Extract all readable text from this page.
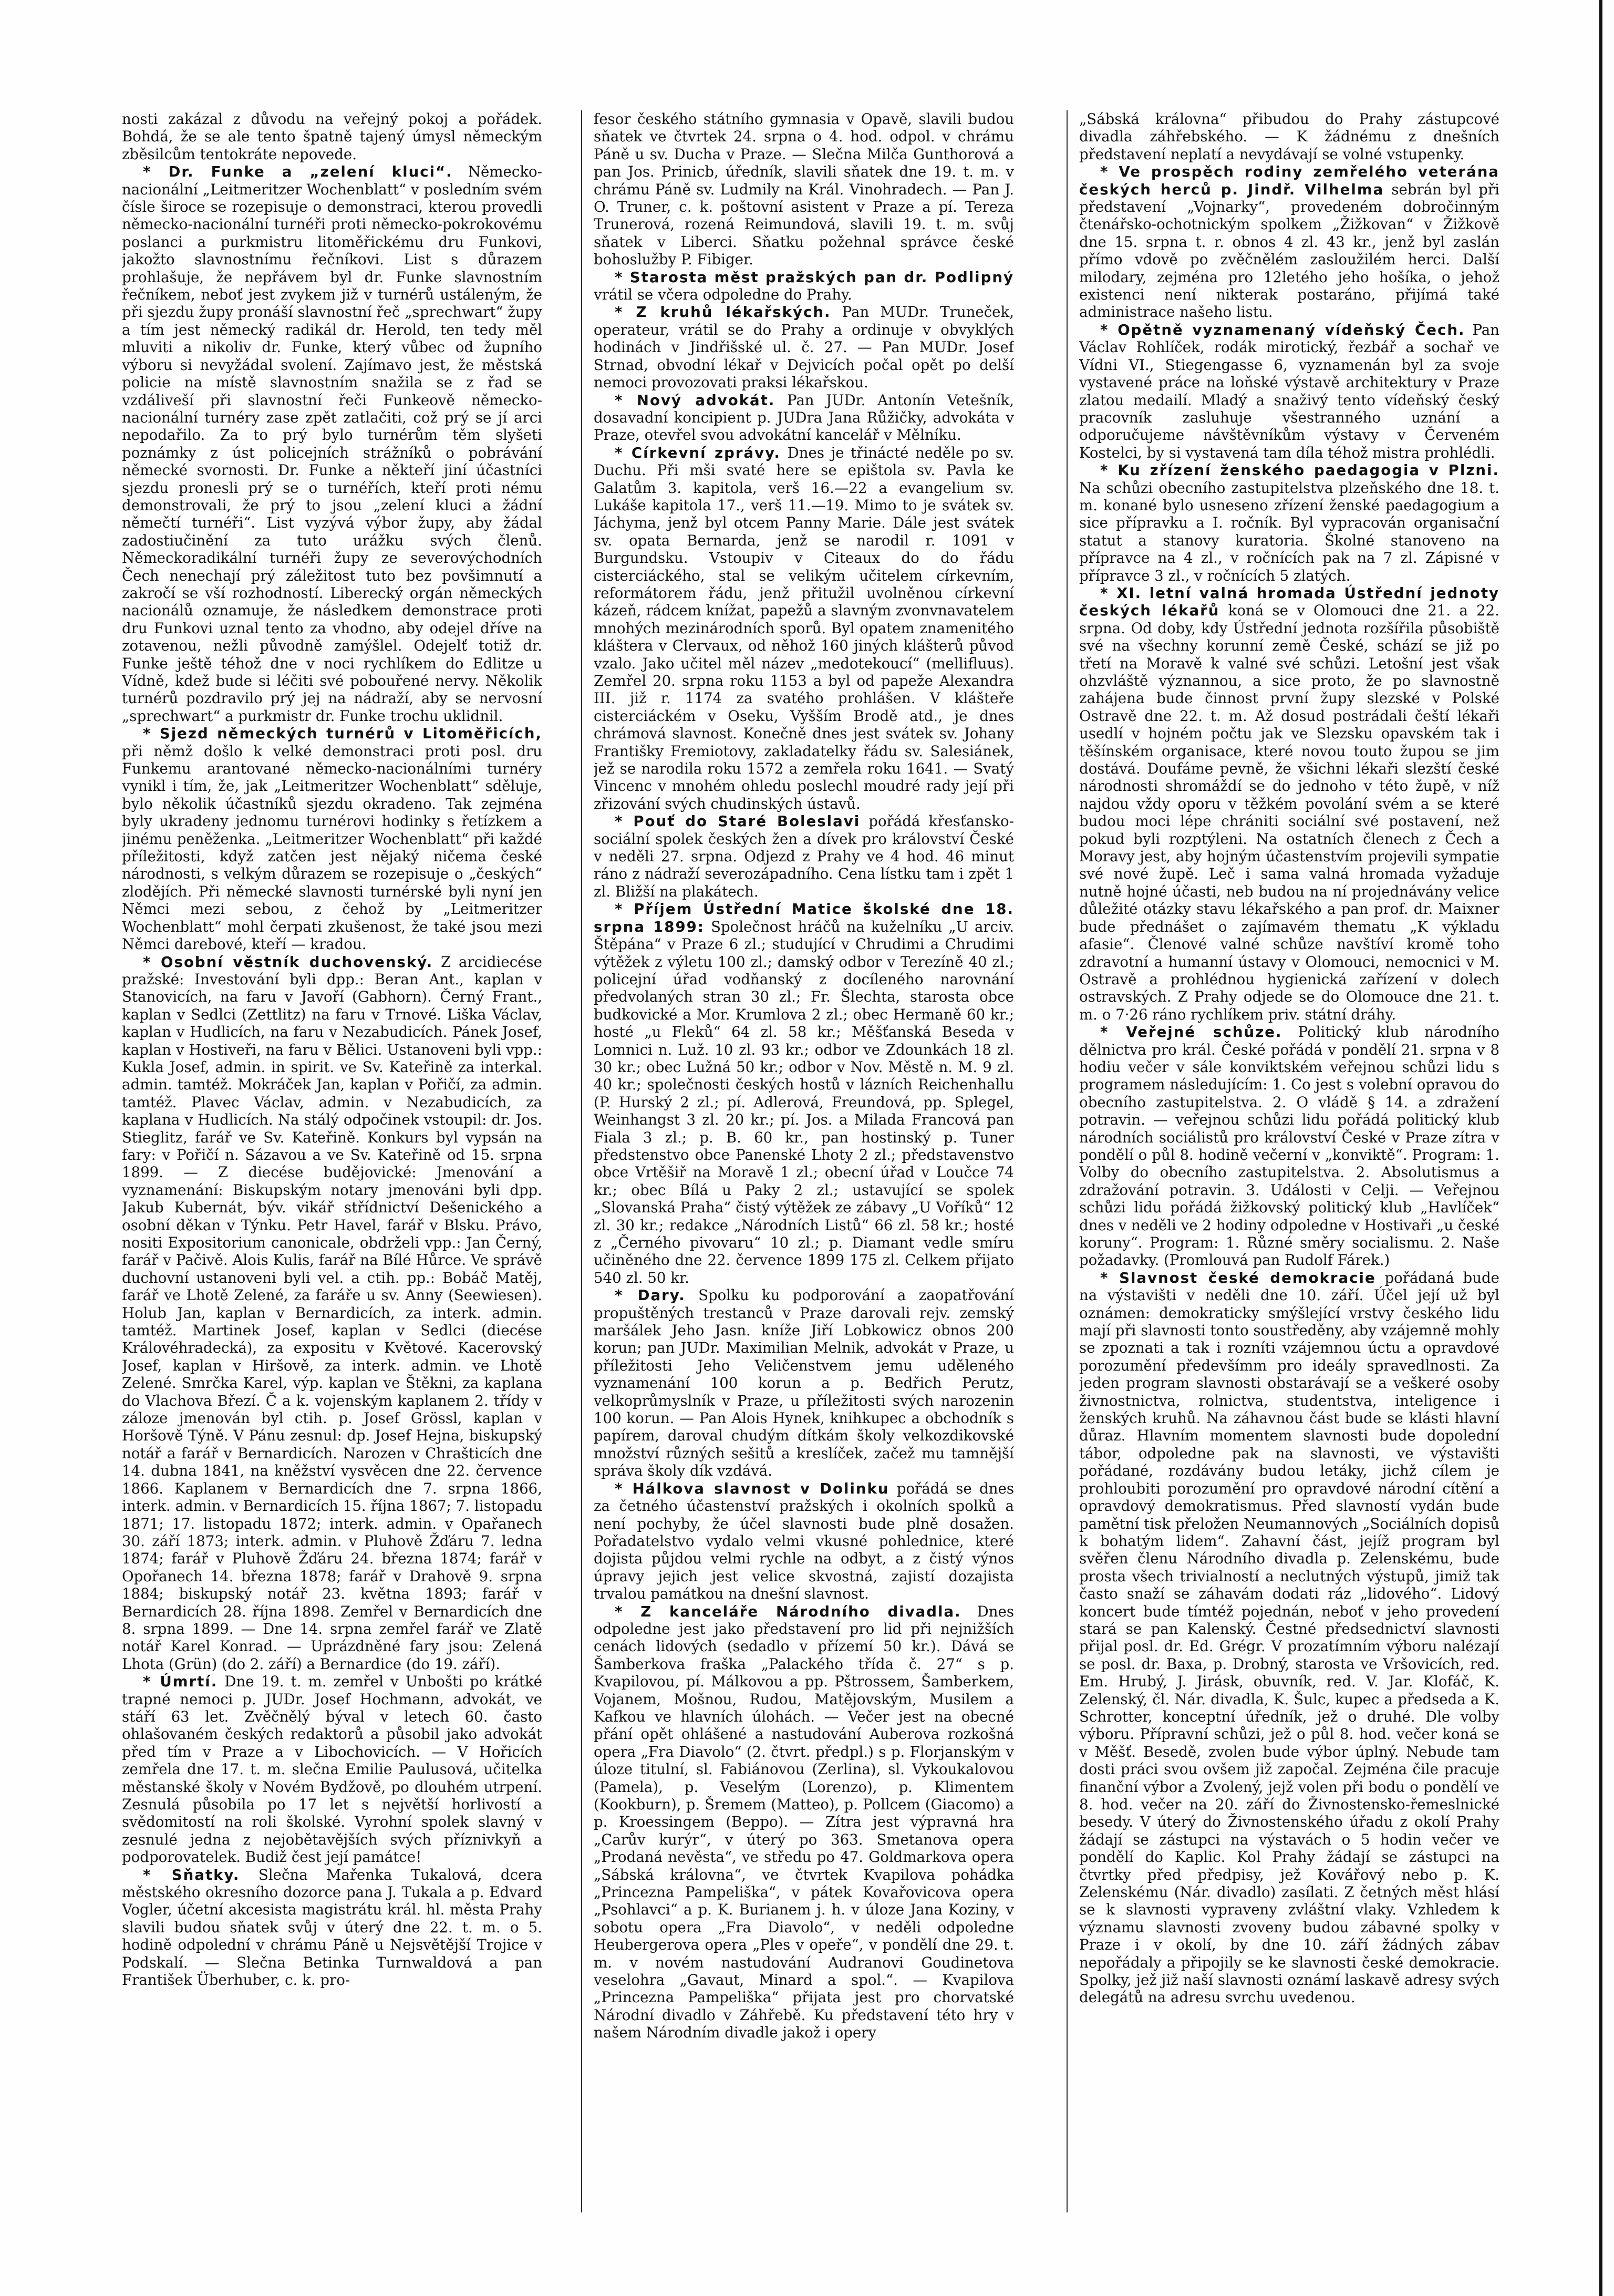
nosti zakázal z důvodu na veřejný pokoj a pořádek. Bohdá, že se ale tento špatně tajený úmysl německým zběsilcům tentokráte nepovede.

* Dr. Funke a „zelení kluci“. Německo-nacionální „Leitmeritzer Wochenblatt“ v posledním svém čísle široce se rozepisuje o demonstraci, kterou provedli německo-nacionální turnéři proti německo-pokrokovému poslanci a purkmistru litoměřickému dru Funkovi, jakožto slavnostnímu řečníkovi. List s důrazem prohlašuje, že nepřávem byl dr. Funke slavnostním řečníkem, neboť jest zvykem již v turnérů ustáleným, že při sjezdu župy pronáší slavnostní řeč „sprechwart“ župy a tím jest německý radikál dr. Herold, ten tedy měl mluviti a nikoliv dr. Funke, který vůbec od župního výboru si nevyžádal svolení. Zajímavo jest, že městská policie na místě slavnostním snažila se z řad se vzdáliveší při slavnostní řeči Funkeově německo-nacionální turnéry zase zpět zatlačiti, což prý se jí arci nepodařilo. Za to prý bylo turnérům těm slyšeti poznámky z úst policejních strážníků o pobrávání německé svornosti. Dr. Funke a někteří jiní účastníci sjezdu pronesli prý se o turnéřích, kteří proti nému demonstrovali, že prý to jsou „zelení kluci a žádní němečtí turnéři“. List vyzývá výbor župy, aby žádal zadostiučinění za tuto urážku svých členů. Německoradikální turnéři župy ze severovýchodních Čech nenechají prý záležitost tuto bez povšimnutí a zakročí se vší rozhodností. Liberecký orgán německých nacionálů oznamuje, že následkem demonstrace proti dru Funkovi uznal tento za vhodno, aby odejel dříve na zotavenou, nežli původně zamýšlel. Odejelť totiž dr. Funke ještě téhož dne v noci rychlíkem do Edlitze u Vídně, kdež bude si léčiti své pobouřené nervy. Několik turnérů pozdravilo prý jej na nádraží, aby se nervosní „sprechwart“ a purkmistr dr. Funke trochu uklidnil.

* Sjezd německých turnérů v Litoměřicích, při němž došlo k velké demonstraci proti posl. dru Funkemu arantované německo-nacionálními turnéry vynikl i tím, že, jak „Leitmeritzer Wochenblatt“ sděluje, bylo několik účastníků sjezdu okradeno. Tak zejména byly ukradeny jednomu turnérovi hodinky s řetízkem a jinému peněženka. „Leitmeritzer Wochenblatt“ při každé příležitosti, když zatčen jest nějaký ničema české národnosti, s velkým důrazem se rozepisuje o „českých“ zlodějích. Při německé slavnosti turnérské byli nyní jen Němci mezi sebou, z čehož by „Leitmeritzer Wochenblatt“ mohl čerpati zkušenost, že také jsou mezi Němci darebové, kteří — kradou.

* Osobní věstník duchovenský. Z arcidiecése pražské: Investování byli dpp.: Beran Ant., kaplan v Stanovicích, na faru v Javoří (Gabhorn). Černý Frant., kaplan v Sedlci (Zettlitz) na faru v Trnové. Liška Václav, kaplan v Hudlicích, na faru v Nezabudicích. Pánek Josef, kaplan v Hostiveři, na faru v Bělici. Ustanoveni byli vpp.: Kukla Josef, admin. in spirit. ve Sv. Kateřině za interkal. admin. tamtéž. Mokráček Jan, kaplan v Pořičí, za admin. tamtéž. Plavec Václav, admin. v Nezabudicích, za kaplana v Hudlicích. Na stálý odpočinek vstoupil: dr. Jos. Stieglitz, farář ve Sv. Kateřině. Konkurs byl vypsán na fary: v Pořičí n. Sázavou a ve Sv. Kateřině od 15. srpna 1899. — Z diecése budějovické: Jmenování a vyznamenání: Biskupským notary jmenováni byli dpp. Jakub Kubernát, býv. vikář střídnictví Dešenického a osobní děkan v Týnku. Petr Havel, farář v Blsku. Právo, nositi Expositorium canonicale, obdrželi vpp.: Jan Černý, farář v Pačivě. Alois Kulis, farář na Bílé Hůrce. Ve správě duchovní ustanoveni byli vel. a ctih. pp.: Bobáč Matěj, farář ve Lhotě Zelené, za faráře u sv. Anny (Seewiesen). Holub Jan, kaplan v Bernardicích, za interk. admin. tamtéž. Martinek Josef, kaplan v Sedlci (diecése Královéhradecká), za expositu v Květové. Kacerovský Josef, kaplan v Hiršově, za interk. admin. ve Lhotě Zelené. Smrčka Karel, výp. kaplan ve Štěkni, za kaplana do Vlachova Březí. Č a k. vojenským kaplanem 2. třídy v záloze jmenován byl ctih. p. Josef Grössl, kaplan v Horšově Týně. V Pánu zesnul: dp. Josef Hejna, biskupský notář a farář v Bernardicích. Narozen v Chrašticích dne 14. dubna 1841, na kněžství vysvěcen dne 22. července 1866. Kaplanem v Bernardicích dne 7. srpna 1866, interk. admin. v Bernardicích 15. října 1867; 7. listopadu 1871; 17. listopadu 1872; interk. admin. v Opařanech 30. září 1873; interk. admin. v Pluhově Žďáru 7. ledna 1874; farář v Pluhově Žďáru 24. března 1874; farář v Opořanech 14. března 1878; farář v Drahově 9. srpna 1884; biskupský notář 23. května 1893; farář v Bernardicích 28. října 1898. Zemřel v Bernardicích dne 8. srpna 1899. — Dne 14. srpna zemřel farář ve Zlatě notář Karel Konrad. — Uprázdněné fary jsou: Zelená Lhota (Grün) (do 2. září) a Bernardice (do 19. září).

* Úmrtí. Dne 19. t. m. zemřel v Unbošti po krátké trapné nemoci p. JUDr. Josef Hochmann, advokát, ve stáří 63 let. Zvěčnělý býval v letech 60. často ohlašovaném českých redaktorů a působil jako advokát před tím v Praze a v Libochovicích. — V Hořicích zemřela dne 17. t. m. slečna Emilie Paulusová, učitelka městanské školy v Novém Bydžově, po dlouhém utrpení. Zesnulá působila po 17 let s největší horlivostí a svědomitostí na roli školské. Vyrohní spolek slavný v zesnulé jedna z nejobětavějších svých příznivkyň a podporovatelek. Budiž čest její památce!

* Sňatky. Slečna Mařenka Tukalová, dcera městského okresního dozorce pana J. Tukala a p. Edvard Vogler, účetní akcesista magistrátu král. hl. města Prahy slavili budou sňatek svůj v úterý dne 22. t. m. o 5. hodině odpolední v chrámu Páně u Nejsvětější Trojice v Podskalí. — Slečna Betinka Turnwaldová a pan František Überhuber, c. k. pro-

fesor českého státního gymnasia v Opavě, slavili budou sňatek ve čtvrtek 24. srpna o 4. hod. odpol. v chrámu Páně u sv. Ducha v Praze. — Slečna Milča Gunthorová a pan Jos. Prinicb, úředník, slavili sňatek dne 19. t. m. v chrámu Páně sv. Ludmily na Král. Vinohradech. — Pan J. O. Truner, c. k. poštovní asistent v Praze a pí. Tereza Trunerová, rozená Reimundová, slavili 19. t. m. svůj sňatek v Liberci. Sňatku požehnal správce české bohoslužby P. Fibiger.

* Starosta měst pražských pan dr. Podlipný vrátil se včera odpoledne do Prahy.

* Z kruhů lékařských. Pan MUDr. Truneček, operateur, vrátil se do Prahy a ordinuje v obvyklých hodinách v Jindřišské ul. č. 27. — Pan MUDr. Josef Strnad, obvodní lékař v Dejvicích počal opět po delší nemoci provozovati praksi lékařskou.

* Nový advokát. Pan JUDr. Antonín Vetešník, dosavadní koncipient p. JUDra Jana Růžičky, advokáta v Praze, otevřel svou advokátní kancelář v Mělníku.

* Církevní zprávy. Dnes je třinácté neděle po sv. Duchu. Při mši svaté here se epištola sv. Pavla ke Galatům 3. kapitola, verš 16.—22 a evangelium sv. Lukáše kapitola 17., verš 11.—19. Mimo to je svátek sv. Jáchyma, jenž byl otcem Panny Marie. Dále jest svátek sv. opata Bernarda, jenž se narodil r. 1091 v Burgundsku. Vstoupiv v Citeaux do do řádu cisterciáckého, stal se velikým učitelem církevním, reformátorem řádu, jenž přitužil uvolněnou církevní kázeň, rádcem knížat, papežů a slavným zvonvnavatelem mnohých mezinárodních sporů. Byl opatem znamenitého kláštera v Clervaux, od něhož 160 jiných klášterů původ vzalo. Jako učitel měl název „medotekoucí“ (mellifluus). Zemřel 20. srpna roku 1153 a byl od papeže Alexandra III. již r. 1174 za svatého prohlášen. V klášteře cisterciáckém v Oseku, Vyšším Brodě atd., je dnes chrámová slavnost. Konečně dnes jest svátek sv. Johany Františky Fremiotovy, zakladatelky řádu sv. Salesiánek, jež se narodila roku 1572 a zemřela roku 1641. — Svatý Vincenc v mnohém ohledu poslechl moudré rady její při zřizování svých chudinských ústavů.

* Pouť do Staré Boleslavi pořádá křesťansko-sociální spolek českých žen a dívek pro království České v neděli 27. srpna. Odjezd z Prahy ve 4 hod. 46 minut ráno z nádraží severozápadního. Cena lístku tam i zpět 1 zl. Bližší na plakátech.

* Příjem Ústřední Matice školské dne 18. srpna 1899: Společnost hráčů na kuželníku „U arciv. Štěpána“ v Praze 6 zl.; studující v Chrudimi a Chrudimi výtěžek z výletu 100 zl.; damský odbor v Terezíně 40 zl.; policejní úřad vodňanský z docíleného narovnání předvolaných stran 30 zl.; Fr. Šlechta, starosta obce budkovické a Mor. Krumlova 2 zl.; obec Hermaně 60 kr.; hosté „u Fleků“ 64 zl. 58 kr.; Měšťanská Beseda v Lomnici n. Luž. 10 zl. 93 kr.; odbor ve Zdounkách 18 zl. 30 kr.; obec Lužná 50 kr.; odbor v Nov. Městě n. M. 9 zl. 40 kr.; společnosti českých hostů v lázních Reichenhallu (P. Hurský 2 zl.; pí. Adlerová, Freundová, pp. Splegel, Weinhangst 3 zl. 20 kr.; pí. Jos. a Milada Francová pan Fiala 3 zl.; p. B. 60 kr., pan hostinský p. Tuner předstenstvo obce Panenské Lhoty 2 zl.; představenstvo obce Vrtěšiř na Moravě 1 zl.; obecní úřad v Loučce 74 kr.; obec Bílá u Paky 2 zl.; ustavující se spolek „Slovanská Praha“ čistý výtěžek ze zábavy „U Voříků“ 12 zl. 30 kr.; redakce „Národních Listů“ 66 zl. 58 kr.; hosté z „Černého pivovaru“ 10 zl.; p. Diamant vedle smíru učiněného dne 22. července 1899 175 zl. Celkem přijato 540 zl. 50 kr.

* Dary. Spolku ku podporování a zaopatřování propuštěných trestanců v Praze darovali rejv. zemský maršálek Jeho Jasn. kníže Jiří Lobkowicz obnos 200 korun; pan JUDr. Maximilian Melnik, advokát v Praze, u příležitosti Jeho Veličenstvem jemu uděleného vyznamenání 100 korun a p. Bedřich Perutz, velkoprůmyslník v Praze, u příležitosti svých narozenin 100 korun. — Pan Alois Hynek, knihkupec a obchodník s papírem, daroval chudým dítkám školy velkozdikovské množství různých sešitů a kreslíček, začež mu tamnější správa školy dík vzdává.

* Hálkova slavnost v Dolinku pořádá se dnes za četného účastenství pražských i okolních spolků a není pochyby, že účel slavnosti bude plně dosažen. Pořadatelstvo vydalo velmi vkusné pohlednice, které dojista půjdou velmi rychle na odbyt, a z čistý výnos úpravy jejich jest velice skvostná, zajistí dozajista trvalou památkou na dnešní slavnost.

* Z kanceláře Národního divadla. Dnes odpoledne jest jako představení pro lid při nejnižších cenách lidových (sedadlo v přízemí 50 kr.). Dává se Šamberkova fraška „Palackého třída č. 27“ s p. Kvapilovou, pí. Málkovou a pp. Pštrossem, Šamberkem, Vojanem, Mošnou, Rudou, Matějovským, Musilem a Kafkou ve hlavních úlohách. — Večer jest na obecné přání opět ohlášené a nastudování Auberova rozkošná opera „Fra Diavolo“ (2. čtvrt. předpl.) s p. Florjanským v úloze titulní, sl. Fabiánovou (Zerlina), sl. Vykoukalovou (Pamela), p. Veselým (Lorenzo), p. Klimentem (Kookburn), p. Šremem (Matteo), p. Pollcem (Giacomo) a p. Kroessingem (Beppo). — Zítra jest výpravná hra „Carův kurýr“, v úterý po 363. Smetanova opera „Prodaná nevěsta“, ve středu po 47. Goldmarkova opera „Sábská královna“, ve čtvrtek Kvapilova pohádka „Princezna Pampeliška“, v pátek Kovařovicova opera „Psohlavci“ a p. K. Burianem j. h. v úloze Jana Koziny, v sobotu opera „Fra Diavolo“, v neděli odpoledne Heubergerova opera „Ples v opeře“, v pondělí dne 29. t. m. v novém nastudování Audranovi Goudinetova veselohra „Gavaut, Minard a spol.“. — Kvapilova „Princezna Pampeliška“ přijata jest pro chorvatské Národní divadlo v Záhřebě. Ku představení této hry v našem Národním divadle jakož i opery

„Sábská královna“ přibudou do Prahy zástupcové divadla záhřebského. — K žádnému z dnešních představení neplatí a nevydávají se volné vstupenky.

* Ve prospěch rodiny zemřelého veterána českých herců p. Jindř. Vilhelma sebrán byl při představení „Vojnarky“, provedeném dobročinným čtenářsko-ochotnickým spolkem „Žižkovan“ v Žižkově dne 15. srpna t. r. obnos 4 zl. 43 kr., jenž byl zaslán přímo vdově po zvěčnělém zasloužilém herci. Další milodary, zejména pro 12letého jeho hošíka, o jehož existenci není nikterak postaráno, přijímá také administrace našeho listu.

* Opětně vyznamenaný vídeňský Čech. Pan Václav Rohlíček, rodák mirotický, řezbář a sochař ve Vídni VI., Stiegengasse 6, vyznamenán byl za svoje vystavené práce na loňské výstavě architektury v Praze zlatou medailí. Mladý a snaživý tento vídeňský český pracovník zasluhuje všestranného uznání a odporučujeme návštěvníkům výstavy v Červeném Kostelci, by si vystavená tam díla téhož mistra prohlédli.

* Ku zřízení ženského paedagogia v Plzni. Na schůzi obecního zastupitelstva plzeňského dne 18. t. m. konané bylo usneseno zřízení ženské paedagogium a sice přípravku a I. ročník. Byl vypracován organisační statut a stanovy kuratoria. Školné stanoveno na přípravce na 4 zl., v ročnících pak na 7 zl. Zápisné v přípravce 3 zl., v ročnících 5 zlatých.

* XI. letní valná hromada Ústřední jednoty českých lékařů koná se v Olomouci dne 21. a 22. srpna. Od doby, kdy Ústřední jednota rozšířila působiště své na všechny korunní země České, schází se již po třetí na Moravě k valné své schůzi. Letošní jest však ohzvláště význannou, a sice proto, že po slavnostně zahájena bude činnost první župy slezské v Polské Ostravě dne 22. t. m. Až dosud postrádali čeští lékaři usedlí v hojném počtu jak ve Slezsku opavském tak i těšínském organisace, které novou touto župou se jim dostává. Doufáme pevně, že všichni lékaři slezští české národnosti shromáždí se do jednoho v této župě, v níž najdou vždy oporu v těžkém povolání svém a se které budou moci lépe chrániti sociální své postavení, než pokud byli rozptýleni. Na ostatních členech z Čech a Moravy jest, aby hojným účastenstvím projevili sympatie své nové župě. Leč i sama valná hromada vyžaduje nutně hojné účasti, neb budou na ní projednávány velice důležité otázky stavu lékařského a pan prof. dr. Maixner bude přednášet o zajímavém thematu „K výkladu afasie“. Členové valné schůze navštíví kromě toho zdravotní a humanní ústavy v Olomouci, nemocnici v M. Ostravě a prohlédnou hygienická zařízení v dolech ostravských. Z Prahy odjede se do Olomouce dne 21. t. m. o 7·26 ráno rychlíkem priv. státní dráhy.

* Veřejné schůze. Politický klub národního dělnictva pro král. České pořádá v pondělí 21. srpna v 8 hodiu večer v sále konviktském veřejnou schůzi lidu s programem následujícím: 1. Co jest s volební opravou do obecního zastupitelstva. 2. O vládě § 14. a zdražení potravin. — veřejnou schůzi lidu pořádá politický klub národních sociálistů pro království České v Praze zítra v pondělí o půl 8. hodině večerní v „konviktě“. Program: 1. Volby do obecního zastupitelstva. 2. Absolutismus a zdražování potravin. 3. Události v Celji. — Veřejnou schůzi lidu pořádá žižkovský politický klub „Havlíček“ dnes v neděli ve 2 hodiny odpoledne v Hostivaři „u české koruny“. Program: 1. Různé směry socialismu. 2. Naše požadavky. (Promlouvá pan Rudolf Fárek.)

* Slavnost české demokracie pořádaná bude na výstavišti v neděli dne 10. září. Účel její už byl oznámen: demokraticky smýšlející vrstvy českého lidu mají při slavnosti tonto soustředěny, aby vzájemně mohly se zpoznati a tak i rozníti vzájemnou úctu a opravdové porozumění předevšímm pro ideály spravedlnosti. Za jeden program slavnosti obstarávají se a veškeré osoby živnostnictva, rolnictva, studentstva, inteligence i ženských kruhů. Na záhavnou část bude se klásti hlavní důraz. Hlavním momentem slavnosti bude dopolední tábor, odpoledne pak na slavnosti, ve výstavišti pořádané, rozdávány budou letáky, jichž cílem je prohloubiti porozumění pro opravdové národní cítění a opravdový demokratismus. Před slavností vydán bude pamětní tisk přeložen Neumannových „Sociálních dopisů k bohatým lidem“. Zahavní část, jejíž program byl svěřen členu Národního divadla p. Zelenskému, bude prosta všech trivialností a neclutných výstupů, jimiž tak často snaží se záhavám dodati ráz „lidového“. Lidový koncert bude tímtéž pojednán, neboť v jeho provedení stará se pan Kalenský. Čestné předsednictví slavnosti přijal posl. dr. Ed. Grégr. V prozatímním výboru nalézají se posl. dr. Baxa, p. Drobný, starosta ve Vršovicích, red. Em. Hrubý, J. Jirásk, obuvník, red. V. Jar. Klofáč, K. Zelenský, čl. Nár. divadla, K. Šulc, kupec a předseda a K. Schrotter, konceptní úředník, jež o druhé. Dle volby výboru. Přípravní schůzi, jež o půl 8. hod. večer koná se v Měšť. Besedě, zvolen bude výbor úplný. Nebude tam dosti práci svou ovšem již započal. Zejména čile pracuje finanční výbor a Zvolený, jejž volen při bodu o pondělí ve 8. hod. večer na 20. září do Živnostensko-řemeslnické besedy. V úterý do Živnostenského úřadu z okolí Prahy žádají se zástupci na výstavách o 5 hodin večer ve pondělí do Kaplic. Kol Prahy žádají se zástupci na čtvrtky před předpisy, jež Kovářový nebo p. K. Zelenskému (Nár. divadlo) zasílati. Z četných měst hlásí se k slavnosti vypraveny zvláštní vlaky. Vzhledem k významu slavnosti zvoveny budou zábavné spolky v Praze i v okolí, by dne 10. září žádných zábav nepořádaly a připojily se ke slavnosti české demokracie. Spolky, jež již naší slavnosti oznámí laskavě adresy svých delegátů na adresu svrchu uvedenou.
